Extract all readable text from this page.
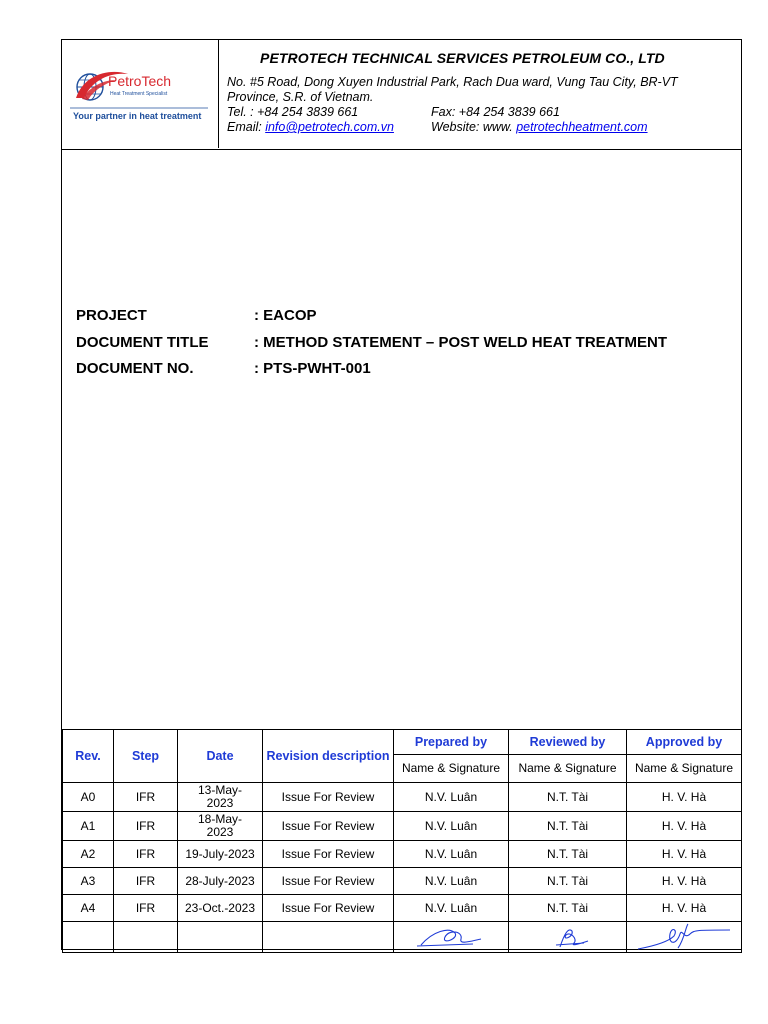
PetroTech
Heat Treatment Specialist
Your partner in heat treatment
PETROTECH TECHNICAL SERVICES PETROLEUM CO., LTD
No. #5 Road, Dong Xuyen Industrial Park, Rach Dua ward, Vung Tau City, BR-VT
Province, S.R. of Vietnam.
Tel. : +84 254 3839 661	Fax: +84 254 3839 661
Email: info@petrotech.com.vn	Website: www. petrotechheatment.com
PROJECT	: EACOP
DOCUMENT TITLE	: METHOD STATEMENT – POST WELD HEAT TREATMENT
DOCUMENT NO.	: PTS-PWHT-001
Rev.	Step	Date	Revision description	Prepared by	Reviewed by	Approved by
				Name & Signature	Name & Signature	Name & Signature
A0	IFR	13-May-2023	Issue For Review	N.V. Luân	N.T. Tài	H. V. Hà
A1	IFR	18-May-2023	Issue For Review	N.V. Luân	N.T. Tài	H. V. Hà
A2	IFR	19-July-2023	Issue For Review	N.V. Luân	N.T. Tài	H. V. Hà
A3	IFR	28-July-2023	Issue For Review	N.V. Luân	N.T. Tài	H. V. Hà
A4	IFR	23-Oct.-2023	Issue For Review	N.V. Luân	N.T. Tài	H. V. Hà
